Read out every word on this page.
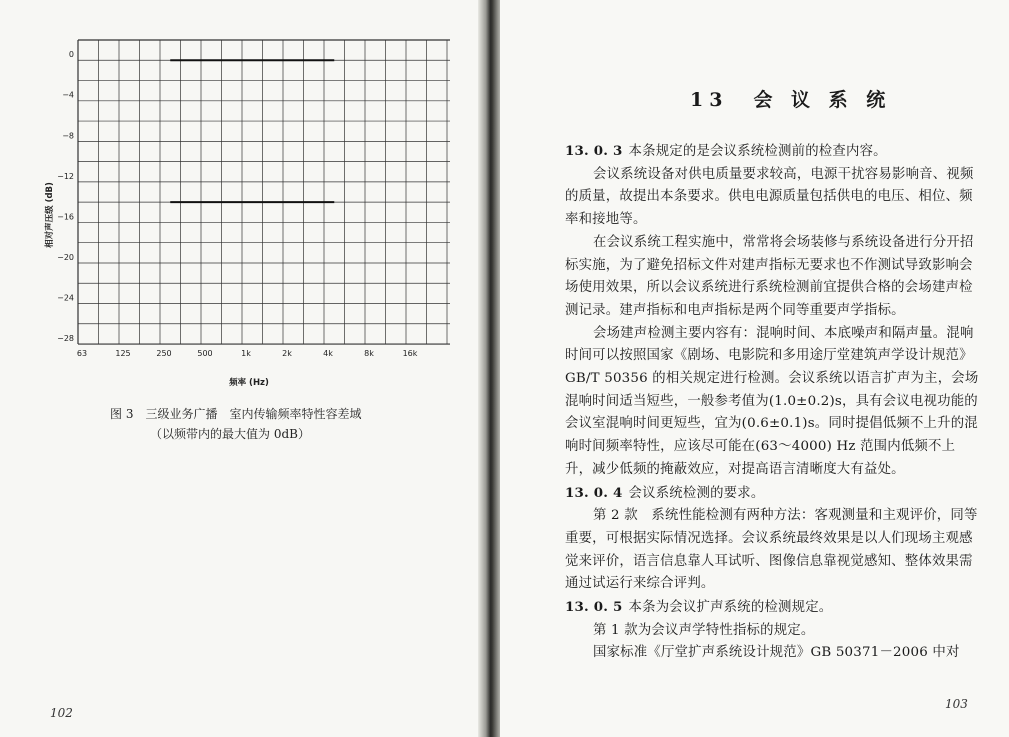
0
−4
−8
−12
−16
−20
−24
−28
63	125	250	500	1k	2k	4k	8k	16k
相对声压级 (dB)
频率 (Hz)
图 3　三级业务广播　室内传输频率特性容差域
（以频带内的最大值为 0dB）
102
13　会 议 系 统

13. 0. 3 本条规定的是会议系统检测前的检查内容。

会议系统设备对供电质量要求较高，电源干扰容易影响音、视频的质量，故提出本条要求。供电电源质量包括供电的电压、相位、频率和接地等。

在会议系统工程实施中，常常将会场装修与系统设备进行分开招标实施，为了避免招标文件对建声指标无要求也不作测试导致影响会场使用效果，所以会议系统进行系统检测前宜提供合格的会场建声检测记录。建声指标和电声指标是两个同等重要声学指标。

会场建声检测主要内容有：混响时间、本底噪声和隔声量。混响时间可以按照国家《剧场、电影院和多用途厅堂建筑声学设计规范》GB/T 50356 的相关规定进行检测。会议系统以语言扩声为主，会场混响时间适当短些，一般参考值为(1.0±0.2)s，具有会议电视功能的会议室混响时间更短些，宜为(0.6±0.1)s。同时提倡低频不上升的混响时间频率特性，应该尽可能在(63～4000) Hz 范围内低频不上升，减少低频的掩蔽效应，对提高语言清晰度大有益处。

13. 0. 4 会议系统检测的要求。

第 2 款　系统性能检测有两种方法：客观测量和主观评价，同等重要，可根据实际情况选择。会议系统最终效果是以人们现场主观感觉来评价，语言信息靠人耳试听、图像信息靠视觉感知、整体效果需通过试运行来综合评判。

13. 0. 5 本条为会议扩声系统的检测规定。

第 1 款为会议声学特性指标的规定。

国家标准《厅堂扩声系统设计规范》GB 50371－2006 中对

103
